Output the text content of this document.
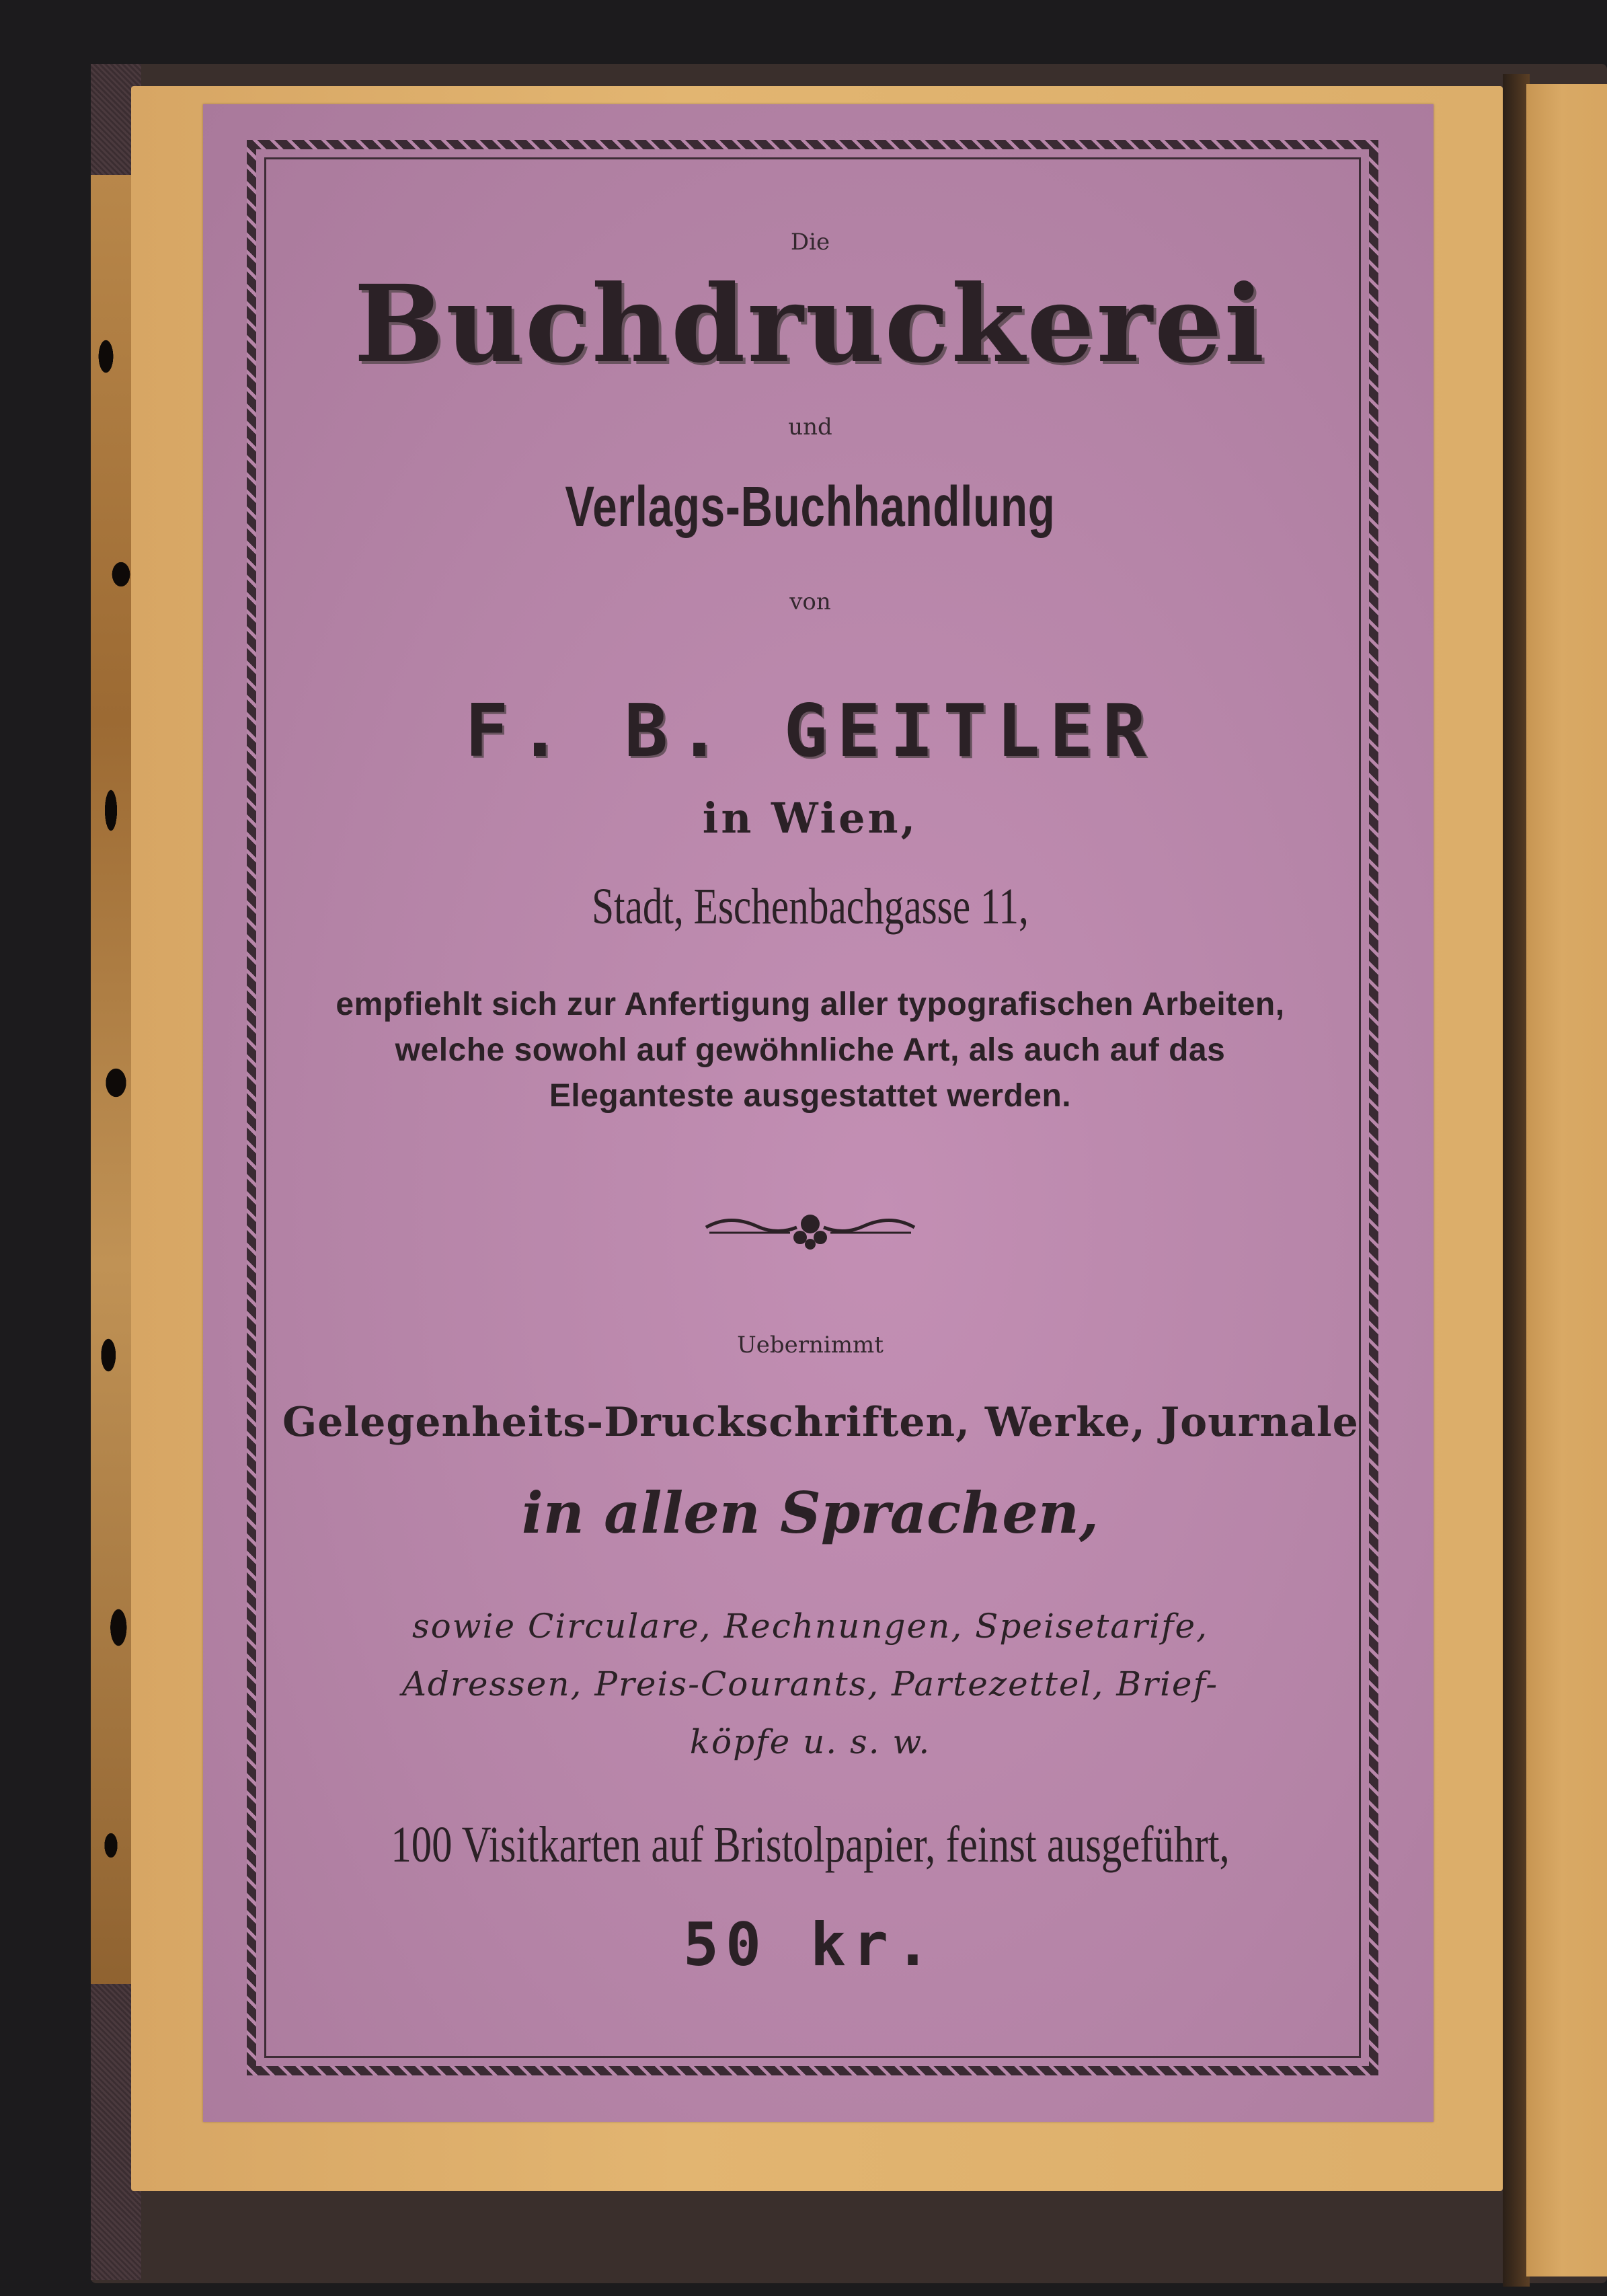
Die
Buchdruckerei
und
Verlags-Buchhandlung
von
F. B. GEITLER
in Wien,
Stadt, Eschenbachgasse 11,
empfiehlt sich zur Anfertigung aller typografischen Arbeiten,
welche sowohl auf gewöhnliche Art, als auch auf das
Eleganteste ausgestattet werden.
Uebernimmt
Gelegenheits-Druckschriften, Werke, Journale
in allen Sprachen,
sowie Circulare, Rechnungen, Speisetarife,
Adressen, Preis-Courants, Partezettel, Brief-
köpfe u. s. w.
100 Visitkarten auf Bristolpapier, feinst ausgeführt,
50 kr.
